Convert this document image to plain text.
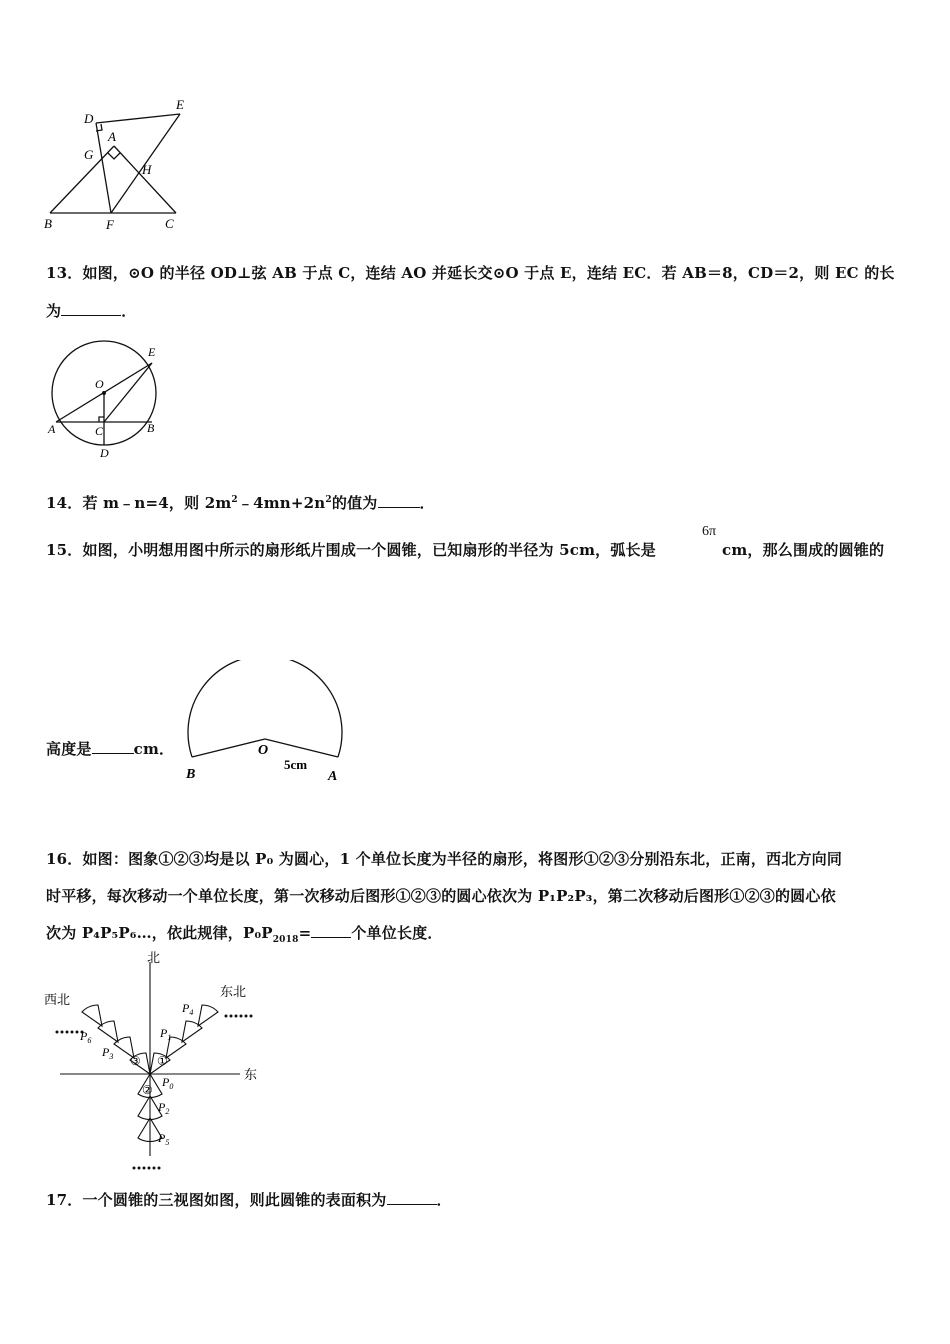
D
E
A
G
H
B	F	C
13．如图，⊙O 的半径 OD⊥弦 AB 于点 C，连结 AO 并延长交⊙O 于点 E，连结 EC．若 AB＝8，CD＝2，则 EC 的长
为	．
E
O
A	C	B
D
14．若 m﹣n=4，则 $2m^2﹣4mn+2n^2$的值为	．
15．如图，小明想用图中所示的扇形纸片围成一个圆锥，已知扇形的半径为 5cm，弧长是
6π
cm，那么围成的圆锥的
高度是	cm．	O
5cm
B	A
16．如图：图象①②③均是以 P₀ 为圆心，1 个单位长度为半径的扇形，将图形①②③分别沿东北，正南，西北方向同
时平移，每次移动一个单位长度，第一次移动后图形①②③的圆心依次为 P₁P₂P₃，第二次移动后图形①②③的圆心依
次为 P₄P₅P₆…，依此规律，$P_0P_{2018}=$	个单位长度．
北
东
西北
东北
①
③
②
$P_0$
$P_1$
$P_4$
$P_3$
$P_6$
$P_2$
$P_5$
17．一个圆锥的三视图如图，则此圆锥的表面积为	．
